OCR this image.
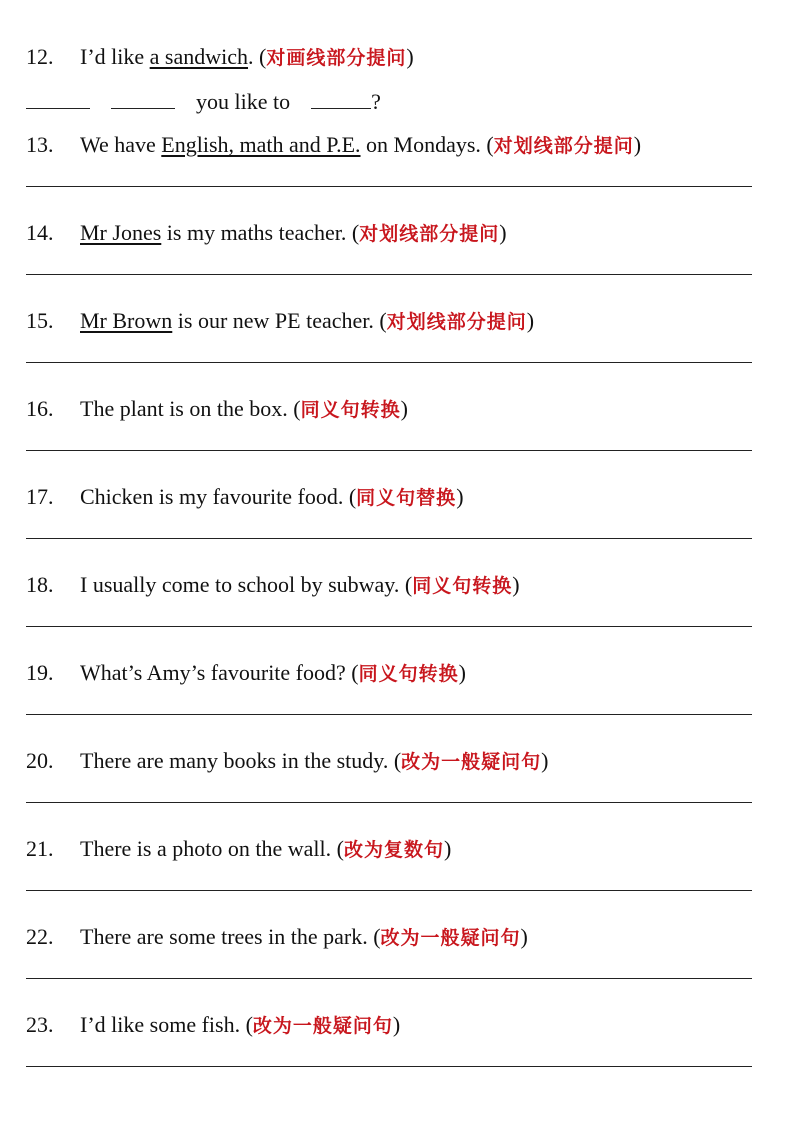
12. I’d like a sandwich. (对画线部分提问)
13. We have English, math and P.E. on Mondays. (对划线部分提问)
14. Mr Jones is my maths teacher. (对划线部分提问)
15. Mr Brown is our new PE teacher. (对划线部分提问)
16. The plant is on the box. (同义句转换)
17. Chicken is my favourite food. (同义句替换)
18. I usually come to school by subway. (同义句转换)
19. What’s Amy’s favourite food? (同义句转换)
20. There are many books in the study. (改为一般疑问句)
21. There is a photo on the wall. (改为复数句)
22. There are some trees in the park. (改为一般疑问句)
23. I’d like some fish. (改为一般疑问句)
you like to	?
